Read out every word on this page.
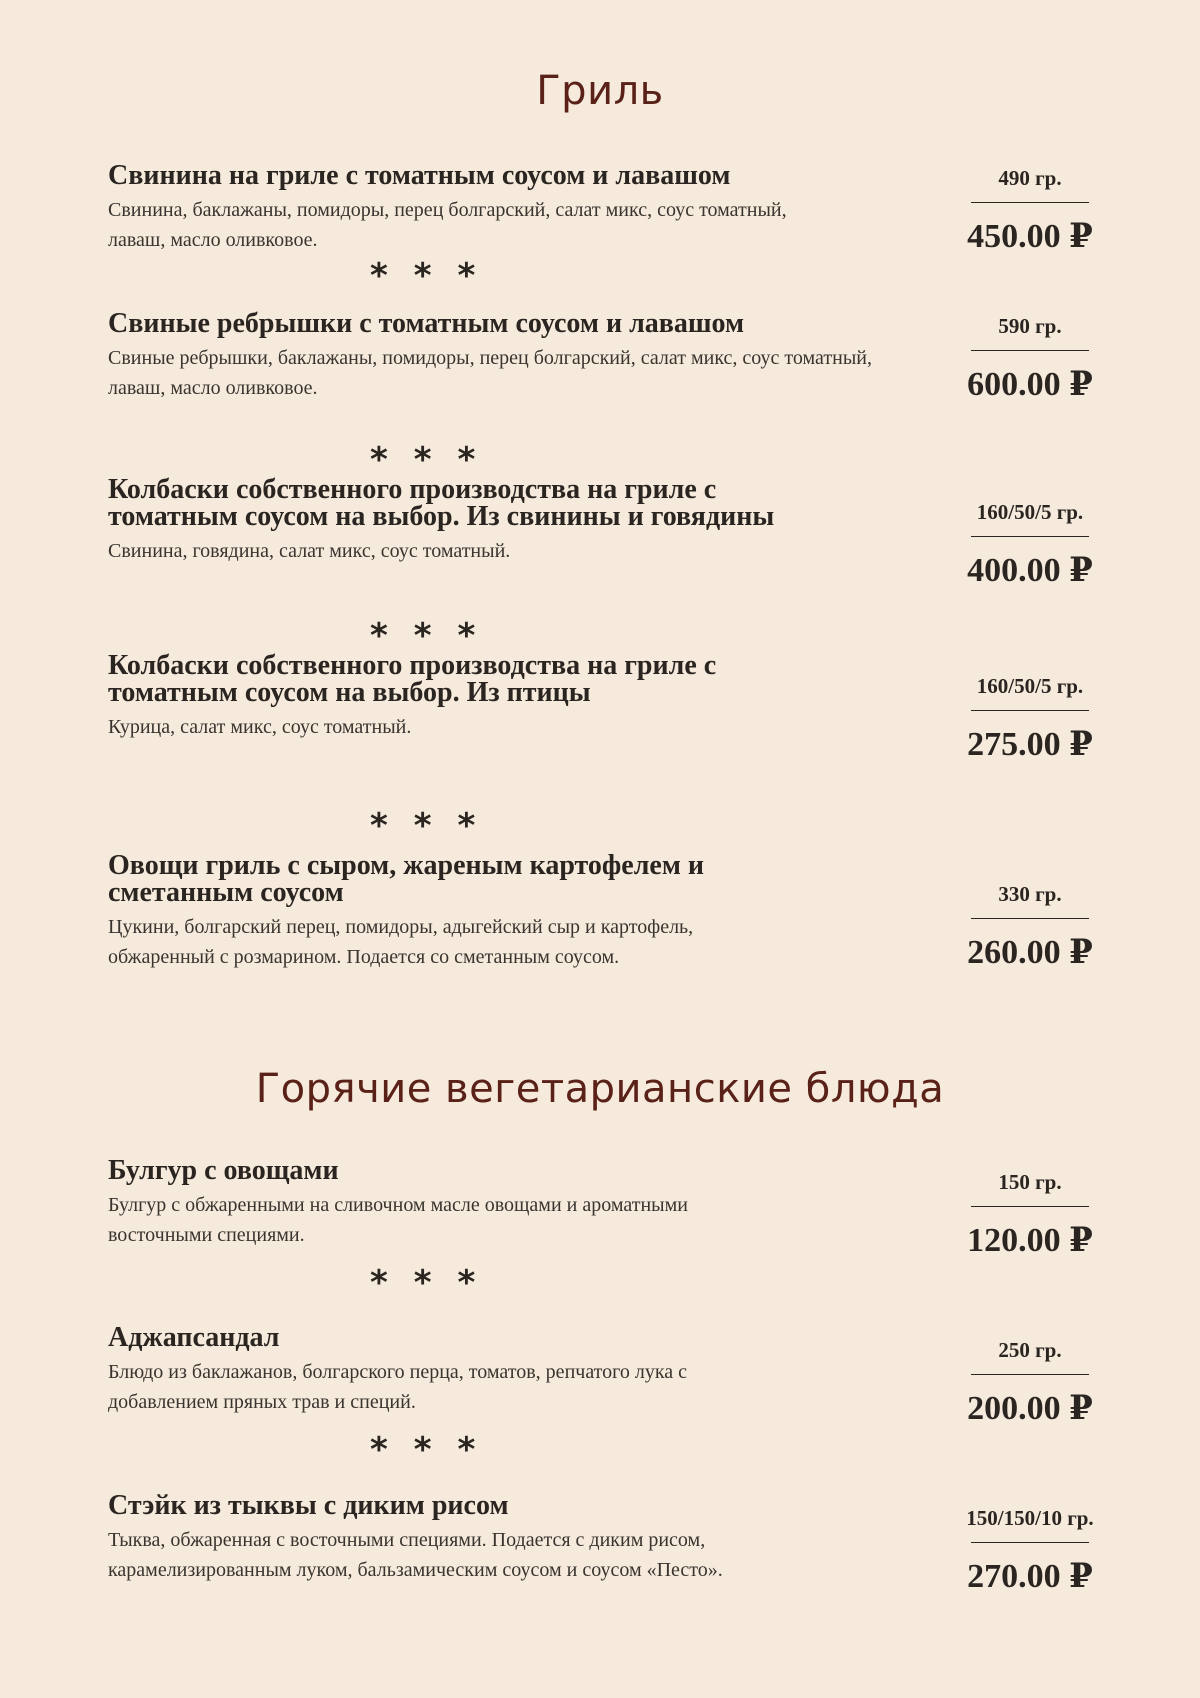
Гриль
Свинина на гриле с томатным соусом и лавашом
Свинина, баклажаны, помидоры, перец болгарский, салат микс, соус томатный, лаваш, масло оливковое.
490 гр.
450.00 ₽
***
Свиные ребрышки с томатным соусом и лавашом
Свиные ребрышки, баклажаны, помидоры, перец болгарский, салат микс, соус томатный, лаваш, масло оливковое.
590 гр.
600.00 ₽
***
Колбаски собственного производства на гриле с томатным соусом на выбор. Из свинины и говядины
Свинина, говядина, салат микс, соус томатный.
160/50/5 гр.
400.00 ₽
***
Колбаски собственного производства на гриле с томатным соусом на выбор. Из птицы
Курица, салат микс, соус томатный.
160/50/5 гр.
275.00 ₽
***
Овощи гриль с сыром, жареным картофелем и сметанным соусом
Цукини, болгарский перец, помидоры, адыгейский сыр и картофель, обжаренный с розмарином. Подается со сметанным соусом.
330 гр.
260.00 ₽
Горячие вегетарианские блюда
Булгур с овощами
Булгур с обжаренными на сливочном масле овощами и ароматными восточными специями.
150 гр.
120.00 ₽
***
Аджапсандал
Блюдо из баклажанов, болгарского перца, томатов, репчатого лука с добавлением пряных трав и специй.
250 гр.
200.00 ₽
***
Стэйк из тыквы с диким рисом
Тыква, обжаренная с восточными специями. Подается с диким рисом, карамелизированным луком, бальзамическим соусом и соусом «Песто».
150/150/10 гр.
270.00 ₽
